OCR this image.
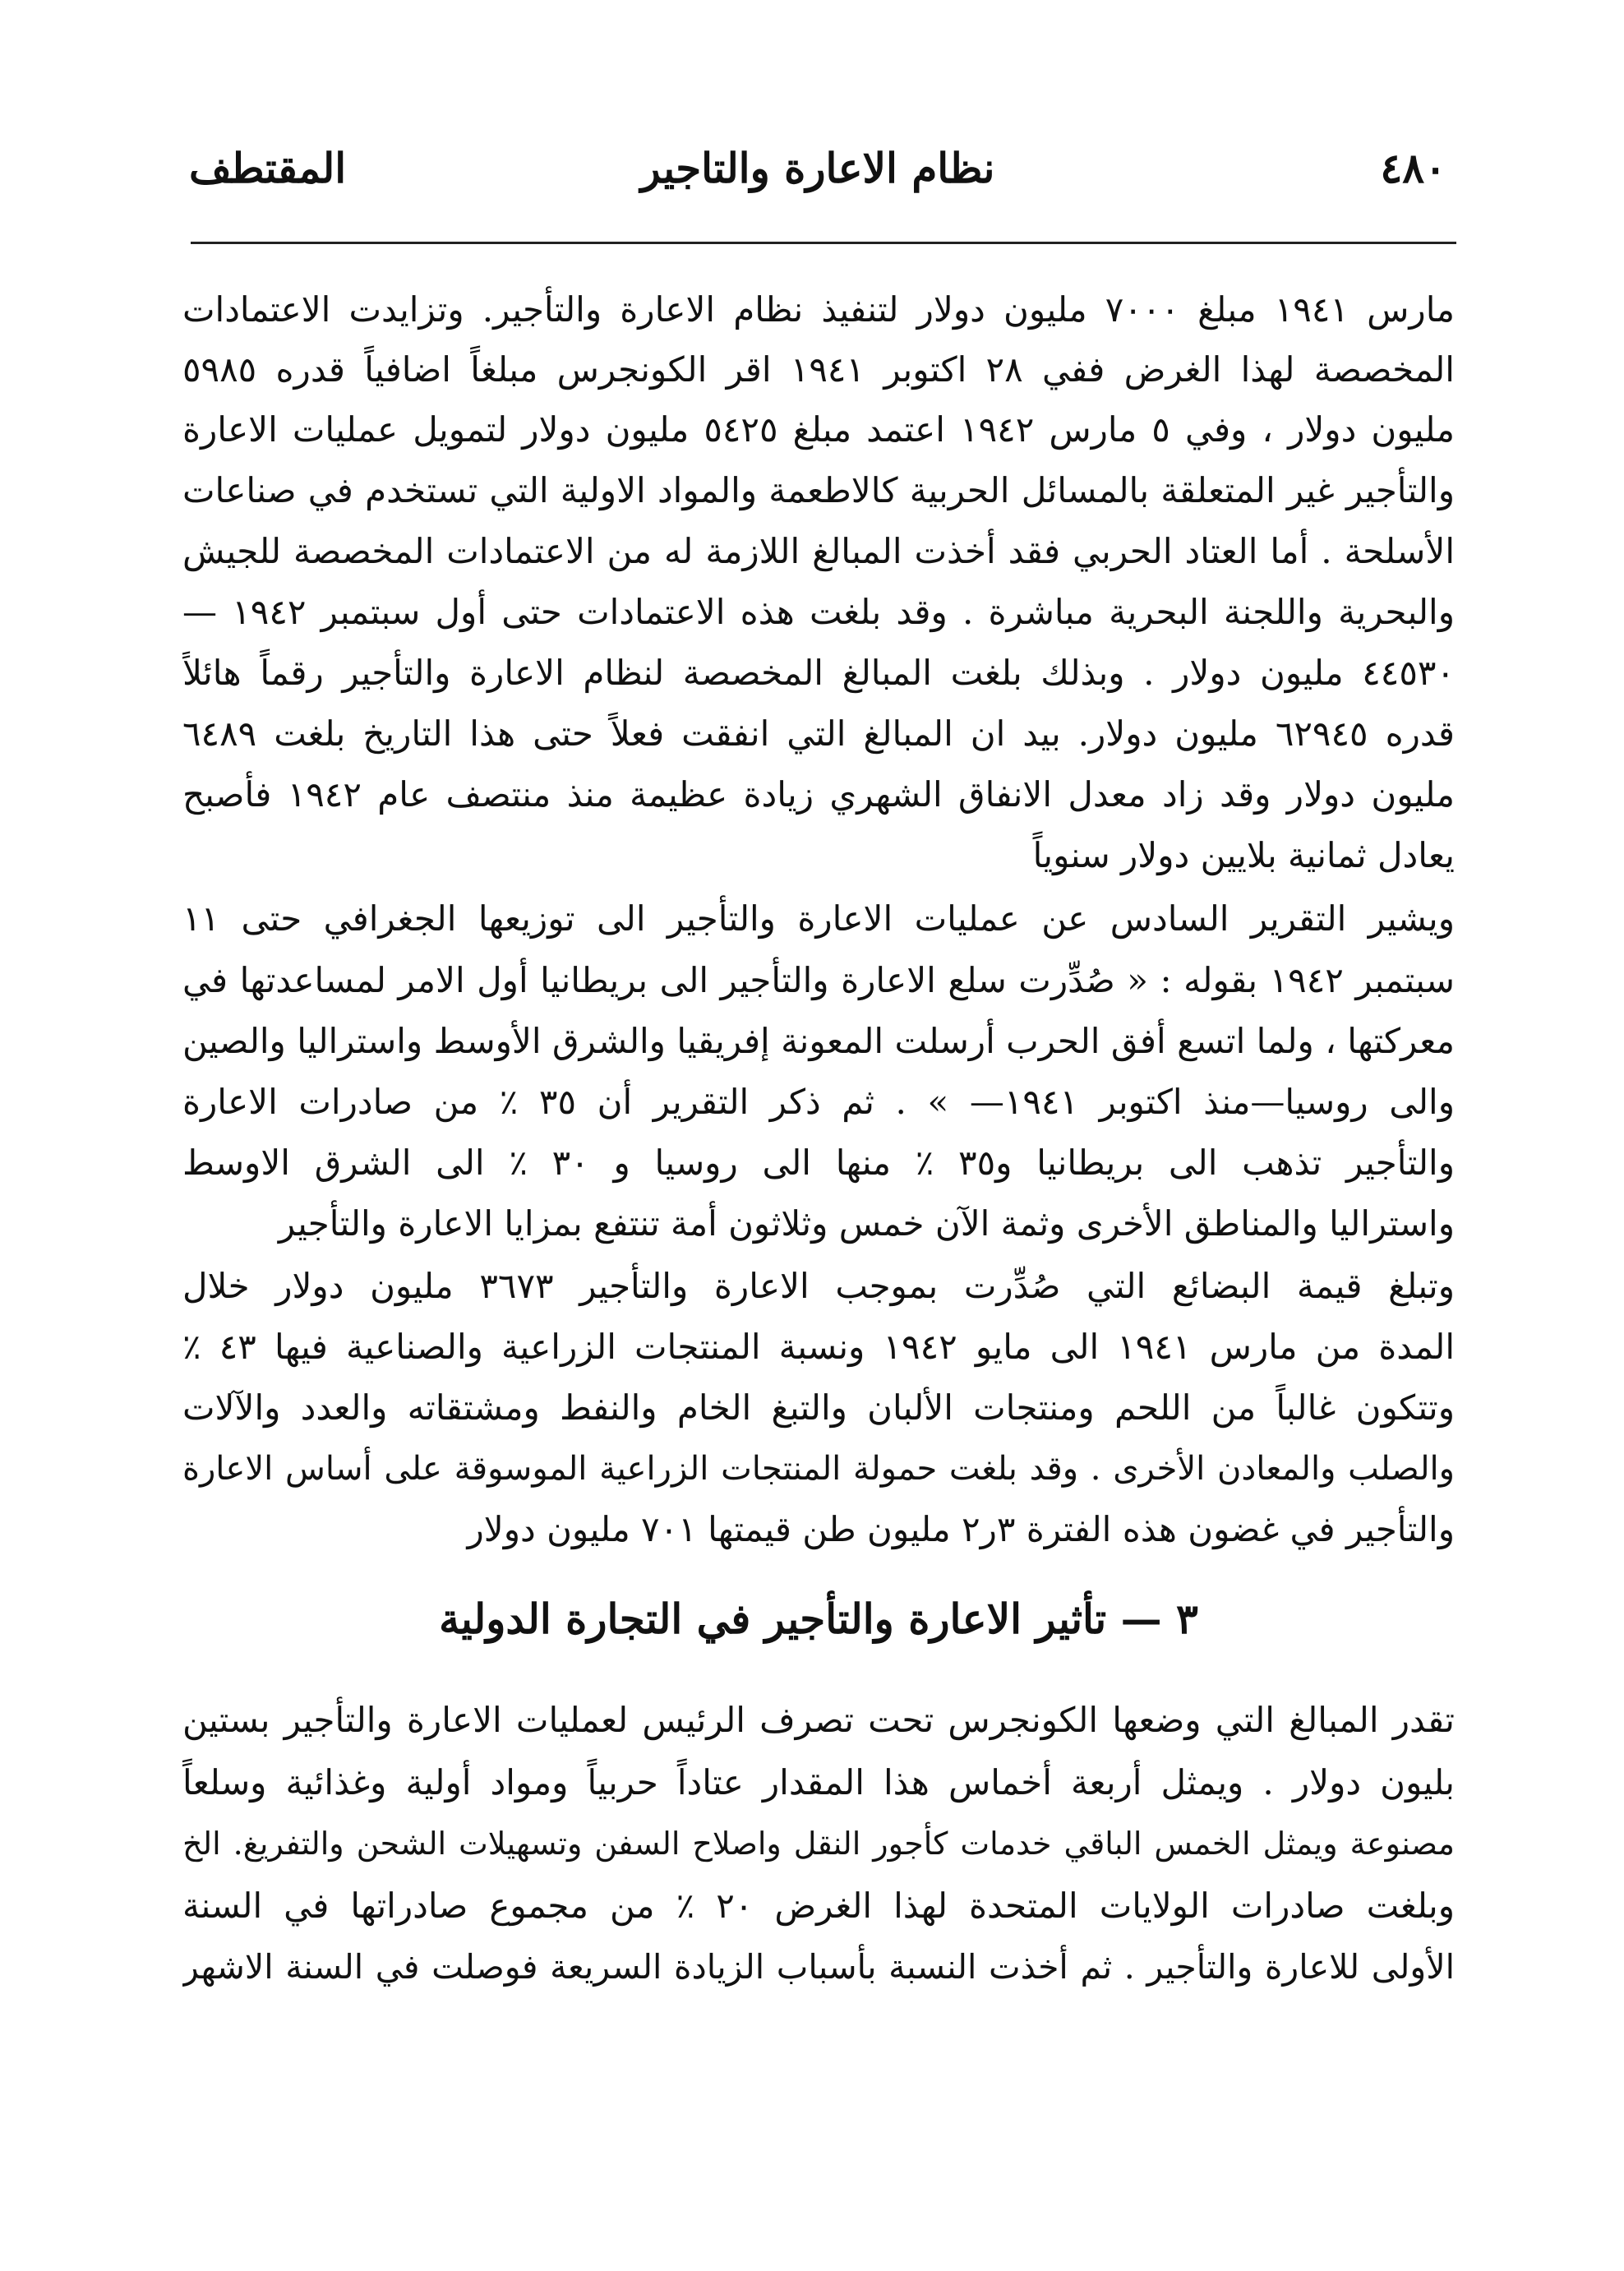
٤٨٠
نظام الاعارة والتاجير
المقتطف
مارس ١٩٤١ مبلغ ٧٠٠٠ مليون دولار لتنفيذ نظام الاعارة والتأجير. وتزايدت الاعتمادات
المخصصة لهذا الغرض ففي ٢٨ اكتوبر ١٩٤١ اقر الكونجرس مبلغاً اضافياً قدره ٥٩٨٥
مليون دولار ، وفي ٥ مارس ١٩٤٢ اعتمد مبلغ ٥٤٢٥ مليون دولار لتمويل عمليات الاعارة
والتأجير غير المتعلقة بالمسائل الحربية كالاطعمة والمواد الاولية التي تستخدم في صناعات
الأسلحة . أما العتاد الحربي فقد أخذت المبالغ اللازمة له من الاعتمادات المخصصة للجيش
والبحرية واللجنة البحرية مباشرة . وقد بلغت هذه الاعتمادات حتى أول سبتمبر ١٩٤٢ —
٤٤٥٣٠ مليون دولار . وبذلك بلغت المبالغ المخصصة لنظام الاعارة والتأجير رقماً هائلاً
قدره ٦٢٩٤٥ مليون دولار. بيد ان المبالغ التي انفقت فعلاً حتى هذا التاريخ بلغت ٦٤٨٩
مليون دولار وقد زاد معدل الانفاق الشهري زيادة عظيمة منذ منتصف عام ١٩٤٢ فأصبح
يعادل ثمانية بلايين دولار سنوياً
ويشير التقرير السادس عن عمليات الاعارة والتأجير الى توزيعها الجغرافي حتى ١١
سبتمبر ١٩٤٢ بقوله : « صُدِّرت سلع الاعارة والتأجير الى بريطانيا أول الامر لمساعدتها في
معركتها ، ولما اتسع أفق الحرب أرسلت المعونة إفريقيا والشرق الأوسط واستراليا والصين
والى روسيا—منذ اكتوبر ١٩٤١— » . ثم ذكر التقرير أن ٣٥ ٪ من صادرات الاعارة
والتأجير تذهب الى بريطانيا و٣٥ ٪ منها الى روسيا و ٣٠ ٪ الى الشرق الاوسط
واستراليا والمناطق الأخرى وثمة الآن خمس وثلاثون أمة تنتفع بمزايا الاعارة والتأجير
وتبلغ قيمة البضائع التي صُدِّرت بموجب الاعارة والتأجير ٣٦٧٣ مليون دولار خلال
المدة من مارس ١٩٤١ الى مايو ١٩٤٢ ونسبة المنتجات الزراعية والصناعية فيها ٤٣ ٪
وتتكون غالباً من اللحم ومنتجات الألبان والتبغ الخام والنفط ومشتقاته والعدد والآلات
والصلب والمعادن الأخرى . وقد بلغت حمولة المنتجات الزراعية الموسوقة على أساس الاعارة
والتأجير في غضون هذه الفترة ٣ر٢ مليون طن قيمتها ٧٠١ مليون دولار
٣ — تأثير الاعارة والتأجير في التجارة الدولية
تقدر المبالغ التي وضعها الكونجرس تحت تصرف الرئيس لعمليات الاعارة والتأجير بستين
بليون دولار . ويمثل أربعة أخماس هذا المقدار عتاداً حربياً ومواد أولية وغذائية وسلعاً
مصنوعة ويمثل الخمس الباقي خدمات كأجور النقل واصلاح السفن وتسهيلات الشحن والتفريغ. الخ
وبلغت صادرات الولايات المتحدة لهذا الغرض ٢٠ ٪ من مجموع صادراتها في السنة
الأولى للاعارة والتأجير . ثم أخذت النسبة بأسباب الزيادة السريعة فوصلت في السنة الاشهر
